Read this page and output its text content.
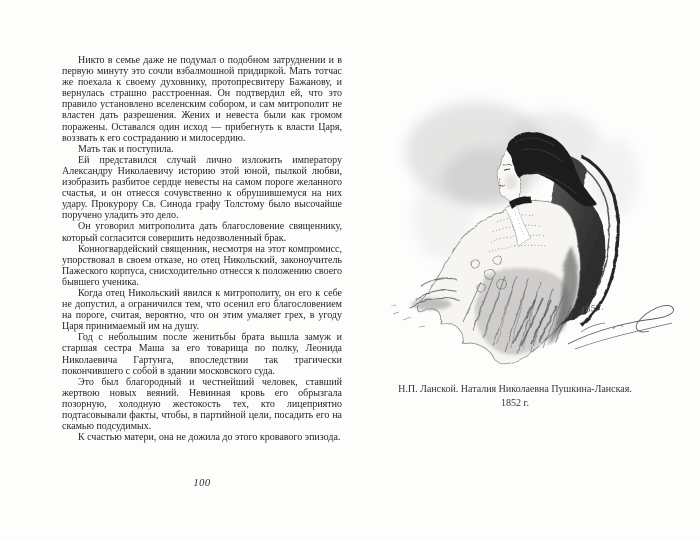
Никто в семье даже не подумал о подобном затруднении и в первую минуту это сочли взбалмошной придиркой. Мать тотчас же поехала к своему духовнику, протопресвитеру Бажанову, и вернулась страшно расстроенная. Он подтвердил ей, что это правило установлено вселенским собором, и сам митрополит не властен дать разрешения. Жених и невеста были как громом поражены. Оставался один исход — прибегнуть к власти Царя, воззвать к его состраданию и милосердию.

Мать так и поступила.

Ей представился случай лично изложить императору Александру Николаевичу историю этой юной, пылкой любви, изобразить разбитое сердце невесты на самом пороге желанного счастья, и он отнесся сочувственно к обрушившемуся на них удару. Прокурору Св. Синода графу Толстому было высочайше поручено уладить это дело.

Он уговорил митрополита дать благословение священнику, который согласится совершить недозволенный брак.

Конногвардейский священник, несмотря на этот компромисс, упорствовал в своем отказе, но отец Никольский, законоучитель Пажеского корпуса, снисходительно отнесся к положению своего бывшего ученика.

Когда отец Никольский явился к митрополиту, он его к себе не допустил, а ограничился тем, что осенил его благословением на пороге, считая, вероятно, что он этим умаляет грех, в угоду Царя принимаемый им на душу.

Год с небольшим после женитьбы брата вышла замуж и старшая сестра Маша за его товарища по полку, Леонида Николаевича Гартунга, впоследствии так трагически покончившего с собой в здании московского суда.

Это был благородный и честнейший человек, ставший жертвою новых веяний. Невинная кровь его обрызгала позорную, холодную жестокость тех, кто лицеприятно подтасовывали факты, чтобы, в партийной цели, посадить его на скамью подсудимых.

К счастью матери, она не дожила до этого кровавого эпизода.

100
1852.
Н.П. Ланской. Наталия Николаевна Пушкина-Ланская.
1852 г.
